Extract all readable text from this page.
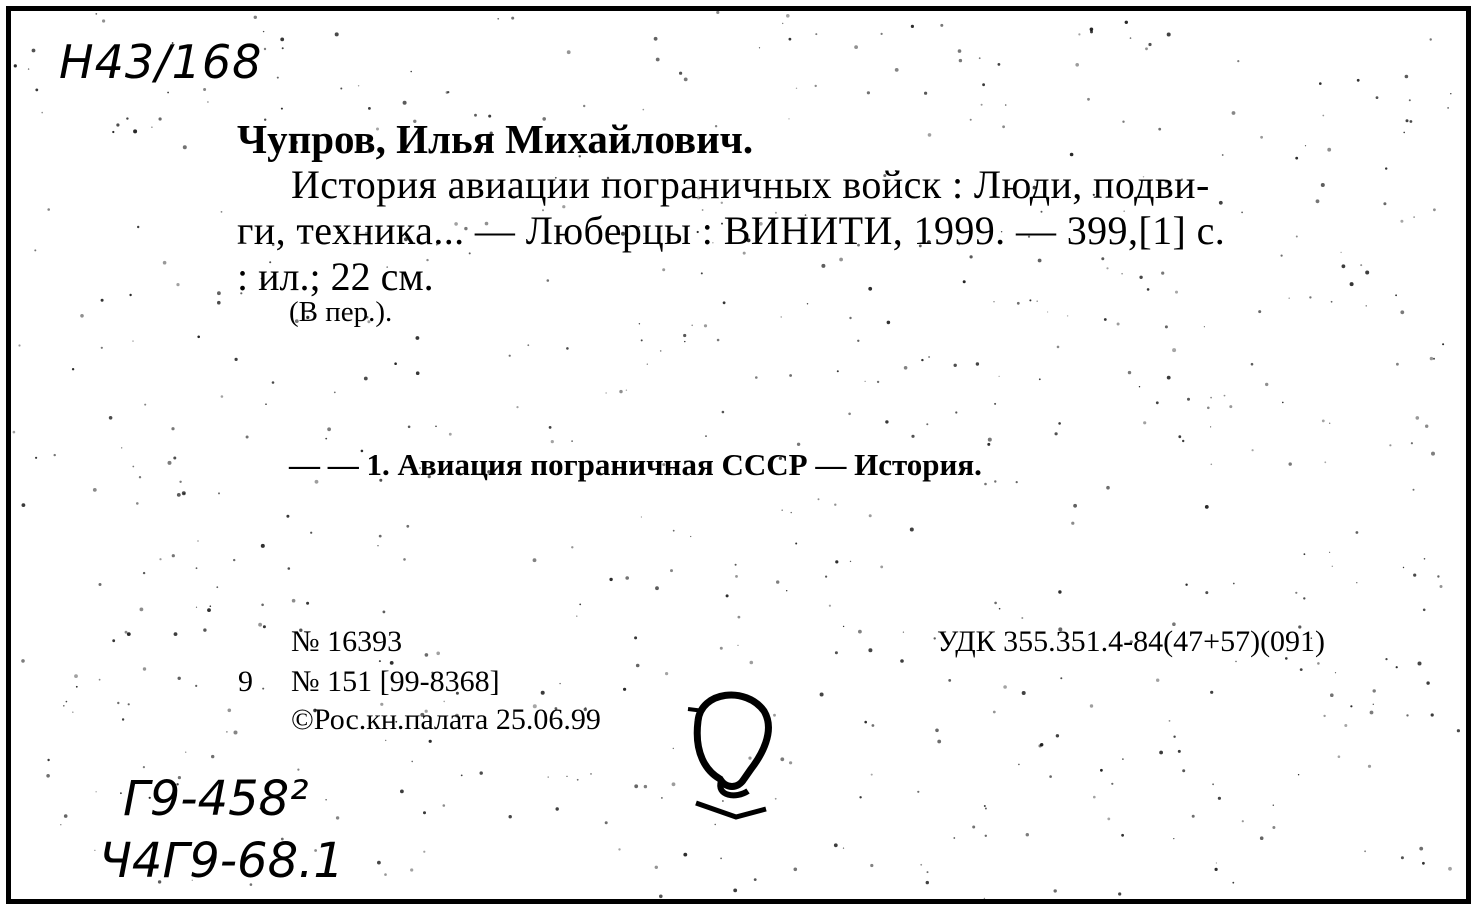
Н43/168
Чупров, Илья Михайлович.
История авиации пограничных войск : Люди, подви-
ги, техника... — Люберцы : ВИНИТИ, 1999. — 399,[1] с.
: ил.; 22 см.
(В пер.).
— — 1. Авиация пограничная СССР — История.
№ 16393
9 № 151 [99-8368]
©Рос.кн.палата 25.06.99
УДК 355.351.4-84(47+57)(091)
Г9-458²
Ч4Г9-68.1
